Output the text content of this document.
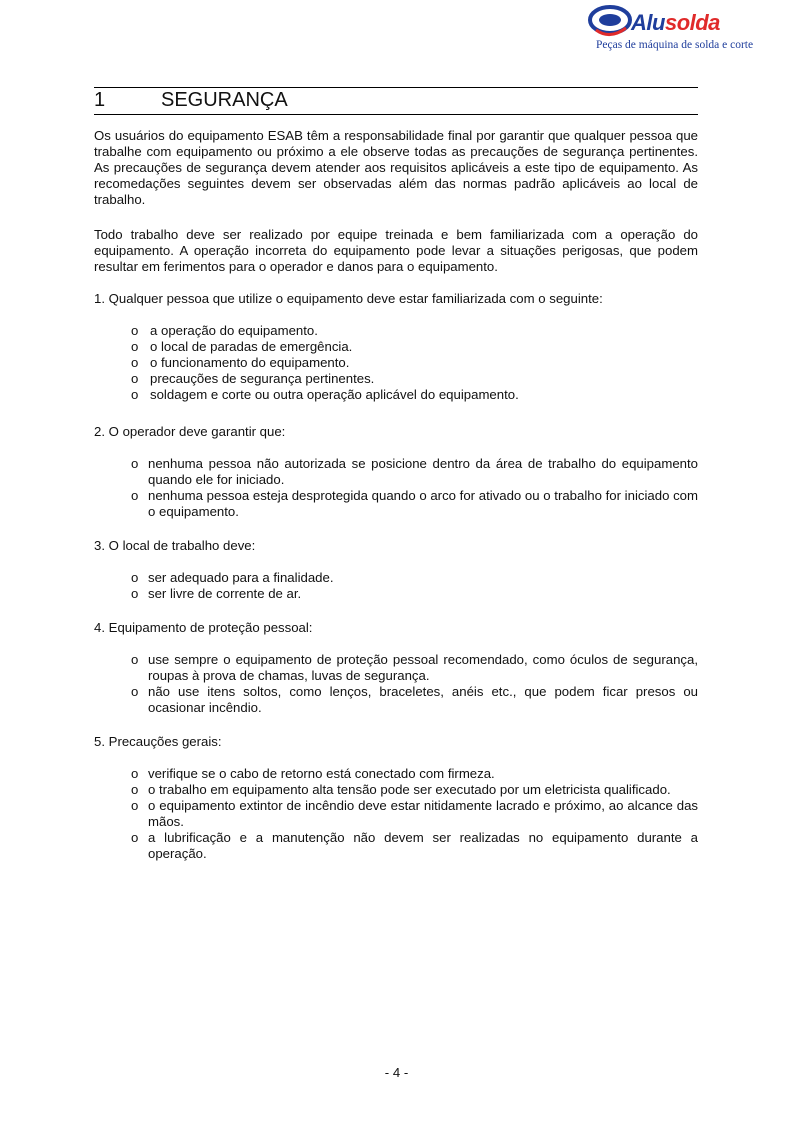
Alusolda
Peças de máquina de solda e corte
1	SEGURANÇA

Os usuários do equipamento ESAB têm a responsabilidade final por garantir que qualquer pessoa que trabalhe com equipamento ou próximo a ele observe todas as precauções de segurança pertinentes. As precauções de segurança devem atender aos requisitos aplicáveis a este tipo de equipamento. As recomedações seguintes devem ser observadas além das normas padrão aplicáveis ao local de trabalho.

Todo trabalho deve ser realizado por equipe treinada e bem familiarizada com a operação do equipamento. A operação incorreta do equipamento pode levar a situações perigosas, que podem resultar em ferimentos para o operador e danos para o equipamento.

1. Qualquer pessoa que utilize o equipamento deve estar familiarizada com o seguinte:

o a operação do equipamento.
o o local de paradas de emergência.
o o funcionamento do equipamento.
o precauções de segurança pertinentes.
o soldagem e corte ou outra operação aplicável do equipamento.

2. O operador deve garantir que:

o nenhuma pessoa não autorizada se posicione dentro da área de trabalho do equipamento quando ele for iniciado.
o nenhuma pessoa esteja desprotegida quando o arco for ativado ou o trabalho for iniciado com o equipamento.

3. O local de trabalho deve:

o ser adequado para a finalidade.
o ser livre de corrente de ar.

4. Equipamento de proteção pessoal:

o use sempre o equipamento de proteção pessoal recomendado, como óculos de segurança, roupas à prova de chamas, luvas de segurança.
o não use itens soltos, como lenços, braceletes, anéis etc., que podem ficar presos ou ocasionar incêndio.

5. Precauções gerais:

o verifique se o cabo de retorno está conectado com firmeza.
o o trabalho em equipamento alta tensão pode ser executado por um eletricista qualificado.
o o equipamento extintor de incêndio deve estar nitidamente lacrado e próximo, ao alcance das mãos.
o a lubrificação e a manutenção não devem ser realizadas no equipamento durante a operação.
- 4 -
